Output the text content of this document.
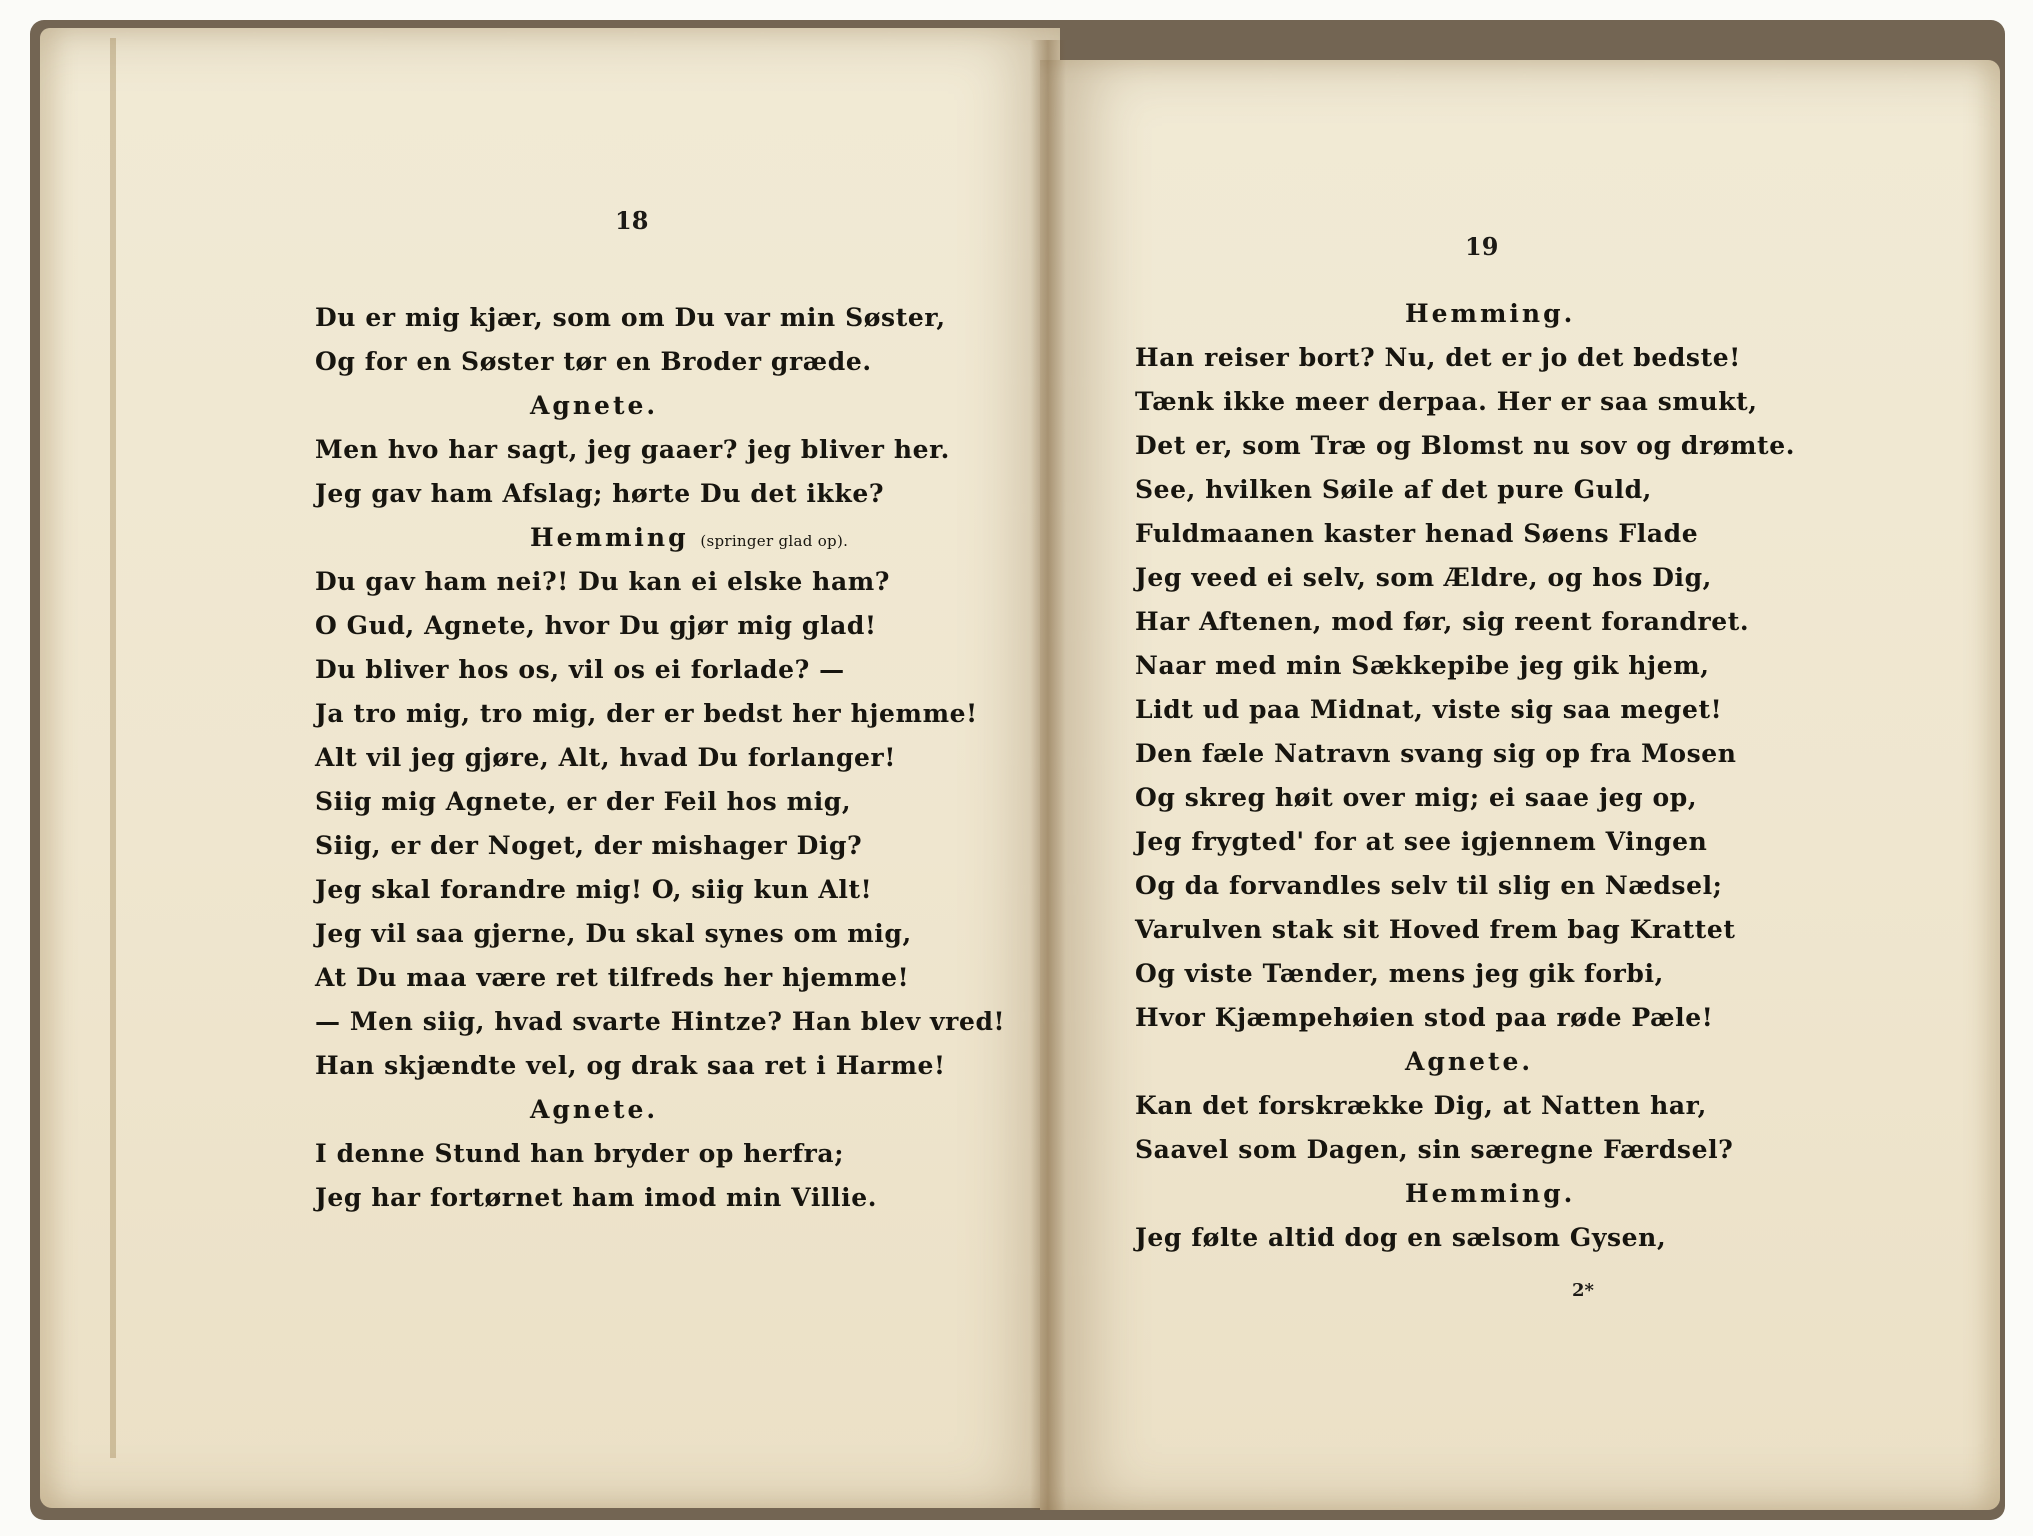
18
Du er mig kjær, som om Du var min Søster,
Og for en Søster tør en Broder græde.
Agnete.
Men hvo har sagt, jeg gaaer? jeg bliver her.
Jeg gav ham Afslag; hørte Du det ikke?
Hemming (springer glad op).
Du gav ham nei?! Du kan ei elske ham?
O Gud, Agnete, hvor Du gjør mig glad!
Du bliver hos os, vil os ei forlade? —
Ja tro mig, tro mig, der er bedst her hjemme!
Alt vil jeg gjøre, Alt, hvad Du forlanger!
Siig mig Agnete, er der Feil hos mig,
Siig, er der Noget, der mishager Dig?
Jeg skal forandre mig! O, siig kun Alt!
Jeg vil saa gjerne, Du skal synes om mig,
At Du maa være ret tilfreds her hjemme!
— Men siig, hvad svarte Hintze? Han blev vred!
Han skjændte vel, og drak saa ret i Harme!
Agnete.
I denne Stund han bryder op herfra;
Jeg har fortørnet ham imod min Villie.
19
Hemming.
Han reiser bort? Nu, det er jo det bedste!
Tænk ikke meer derpaa. Her er saa smukt,
Det er, som Træ og Blomst nu sov og drømte.
See, hvilken Søile af det pure Guld,
Fuldmaanen kaster henad Søens Flade
Jeg veed ei selv, som Ældre, og hos Dig,
Har Aftenen, mod før, sig reent forandret.
Naar med min Sækkepibe jeg gik hjem,
Lidt ud paa Midnat, viste sig saa meget!
Den fæle Natravn svang sig op fra Mosen
Og skreg høit over mig; ei saae jeg op,
Jeg frygted' for at see igjennem Vingen
Og da forvandles selv til slig en Nædsel;
Varulven stak sit Hoved frem bag Krattet
Og viste Tænder, mens jeg gik forbi,
Hvor Kjæmpehøien stod paa røde Pæle!
Agnete.
Kan det forskrække Dig, at Natten har,
Saavel som Dagen, sin særegne Færdsel?
Hemming.
Jeg følte altid dog en sælsom Gysen,
2*
